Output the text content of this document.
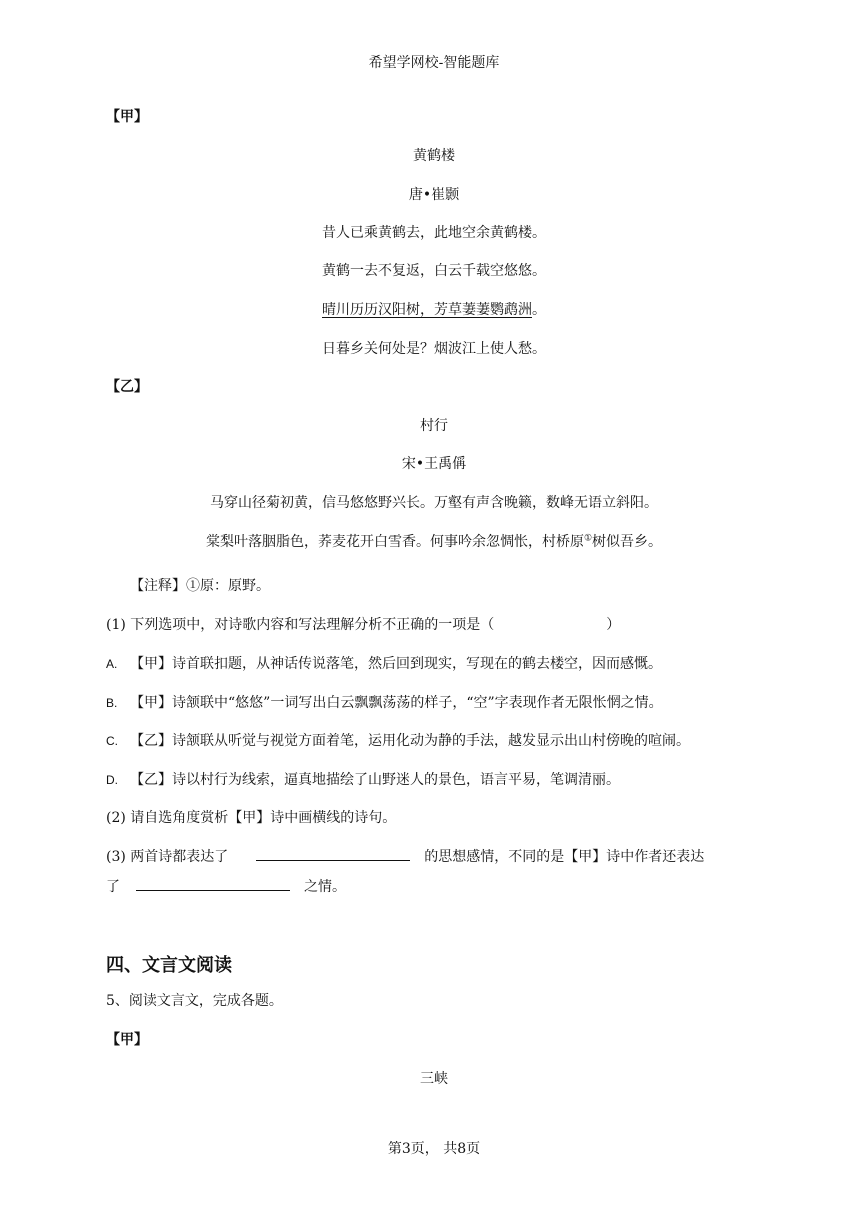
希望学网校-智能题库
【甲】
黄鹤楼
唐•崔颢
昔人已乘黄鹤去，此地空余黄鹤楼。
黄鹤一去不复返，白云千载空悠悠。
晴川历历汉阳树，芳草萋萋鹦鹉洲。
日暮乡关何处是？烟波江上使人愁。
【乙】
村行
宋•王禹偁
马穿山径菊初黄，信马悠悠野兴长。万壑有声含晚籁，数峰无语立斜阳。
棠梨叶落胭脂色，荞麦花开白雪香。何事吟余忽惆怅，村桥原①树似吾乡。
【注释】①原：原野。
(1) 下列选项中，对诗歌内容和写法理解分析不正确的一项是（	）
A. 【甲】诗首联扣题，从神话传说落笔，然后回到现实，写现在的鹤去楼空，因而感慨。
B. 【甲】诗颔联中“悠悠”一词写出白云飘飘荡荡的样子，“空”字表现作者无限怅惘之情。
C. 【乙】诗颔联从听觉与视觉方面着笔，运用化动为静的手法，越发显示出山村傍晚的喧闹。
D. 【乙】诗以村行为线索，逼真地描绘了山野迷人的景色，语言平易，笔调清丽。
(2) 请自选角度赏析【甲】诗中画横线的诗句。
(3) 两首诗都表达了	的思想感情，不同的是【甲】诗中作者还表达
了	之情。
四、文言文阅读
5、阅读文言文，完成各题。
【甲】
三峡
第3页， 共8页
